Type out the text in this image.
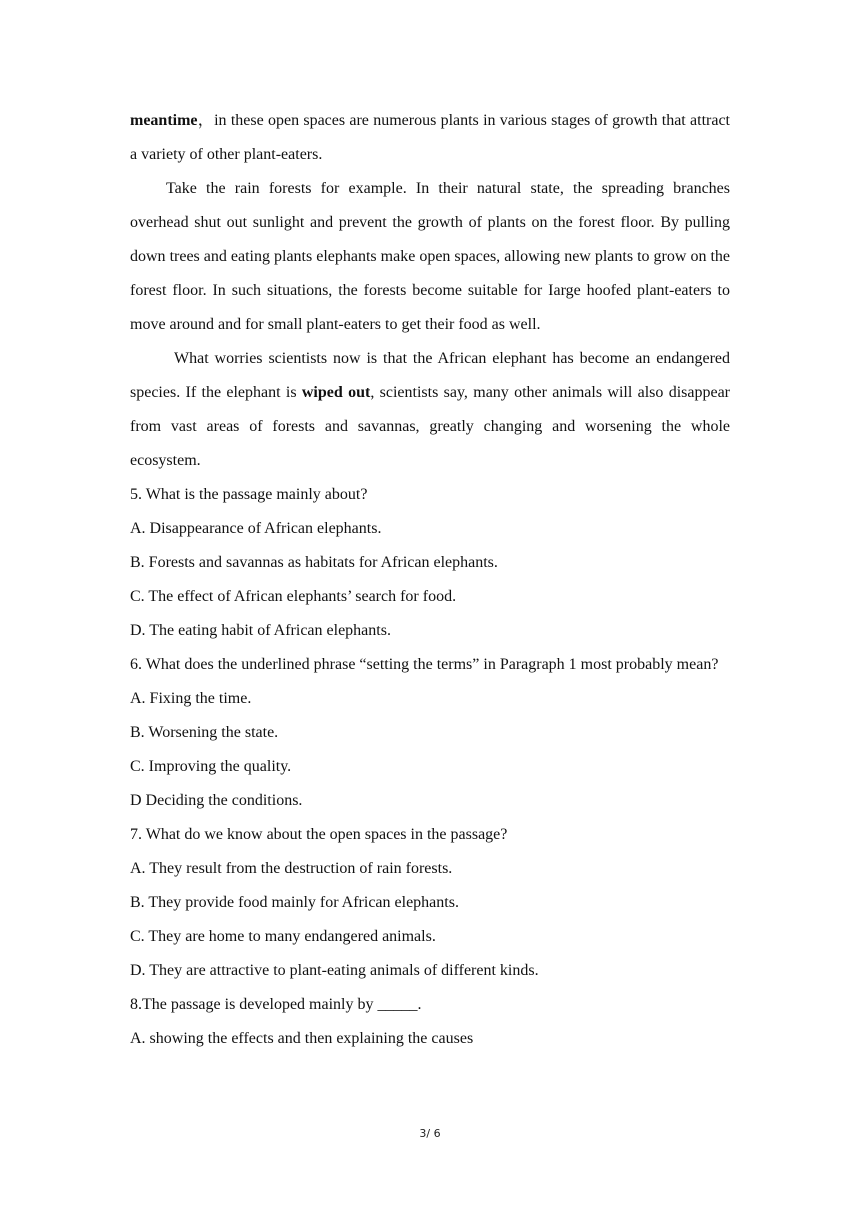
meantime，in these open spaces are numerous plants in various stages of growth that attract a variety of other plant-eaters.

Take the rain forests for example. In their natural state, the spreading branches overhead shut out sunlight and prevent the growth of plants on the forest floor. By pulling down trees and eating plants elephants make open spaces, allowing new plants to grow on the forest floor. In such situations, the forests become suitable for Iarge hoofed plant-eaters to move around and for small plant-eaters to get their food as well.

What worries scientists now is that the African elephant has become an endangered species. If the elephant is wiped out, scientists say, many other animals will also disappear from vast areas of forests and savannas, greatly changing and worsening the whole ecosystem.

5. What is the passage mainly about?

A. Disappearance of African elephants.

B. Forests and savannas as habitats for African elephants.

C. The effect of African elephants’ search for food.

D. The eating habit of African elephants.

6. What does the underlined phrase “setting the terms” in Paragraph 1 most probably mean?

A. Fixing the time.

B. Worsening the state.

C. Improving the quality.

D Deciding the conditions.

7. What do we know about the open spaces in the passage?

A. They result from the destruction of rain forests.

B. They provide food mainly for African elephants.

C. They are home to many endangered animals.

D. They are attractive to plant-eating animals of different kinds.

8.The passage is developed mainly by _____.

A. showing the effects and then explaining the causes

3/ 6
